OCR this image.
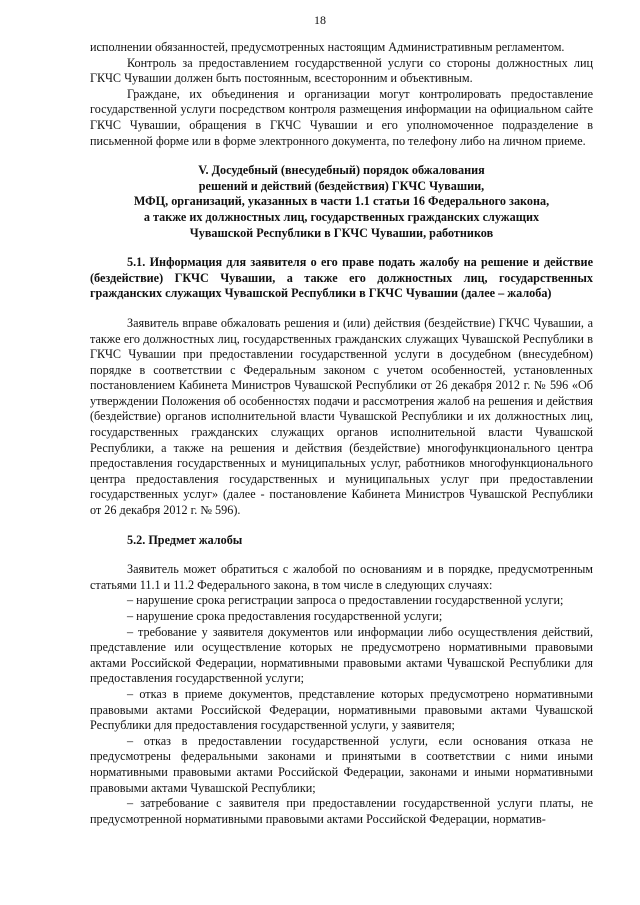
18

исполнении обязанностей, предусмотренных настоящим Административным регламентом.

Контроль за предоставлением государственной услуги со стороны должностных лиц ГКЧС Чувашии должен быть постоянным, всесторонним и объективным.

Граждане, их объединения и организации могут контролировать предоставление государственной услуги посредством контроля размещения информации на официальном сайте ГКЧС Чувашии, обращения в ГКЧС Чувашии и его уполномоченное подразделение в письменной форме или в форме электронного документа, по телефону либо на личном приеме.

V. Досудебный (внесудебный) порядок обжалования
решений и действий (бездействия) ГКЧС Чувашии,
МФЦ, организаций, указанных в части 1.1 статьи 16 Федерального закона,
а также их должностных лиц, государственных гражданских служащих
Чувашской Республики в ГКЧС Чувашии, работников

5.1. Информация для заявителя о его праве подать жалобу на решение и действие (бездействие) ГКЧС Чувашии, а также его должностных лиц, государственных гражданских служащих Чувашской Республики в ГКЧС Чувашии (далее – жалоба)

Заявитель вправе обжаловать решения и (или) действия (бездействие) ГКЧС Чувашии, а также его должностных лиц, государственных гражданских служащих Чувашской Республики в ГКЧС Чувашии при предоставлении государственной услуги в досудебном (внесудебном) порядке в соответствии с Федеральным законом с учетом особенностей, установленных постановлением Кабинета Министров Чувашской Республики от 26 декабря 2012 г. № 596 «Об утверждении Положения об особенностях подачи и рассмотрения жалоб на решения и действия (бездействие) органов исполнительной власти Чувашской Республики и их должностных лиц, государственных гражданских служащих органов исполнительной власти Чувашской Республики, а также на решения и действия (бездействие) многофункционального центра предоставления государственных и муниципальных услуг, работников многофункционального центра предоставления государственных и муниципальных услуг при предоставлении государственных услуг» (далее - постановление Кабинета Министров Чувашской Республики от 26 декабря 2012 г. № 596).

5.2. Предмет жалобы

Заявитель может обратиться с жалобой по основаниям и в порядке, предусмотренным статьями 11.1 и 11.2 Федерального закона, в том числе в следующих случаях:

– нарушение срока регистрации запроса о предоставлении государственной услуги;

– нарушение срока предоставления государственной услуги;

– требование у заявителя документов или информации либо осуществления действий, представление или осуществление которых не предусмотрено нормативными правовыми актами Российской Федерации, нормативными правовыми актами Чувашской Республики для предоставления государственной услуги;

– отказ в приеме документов, представление которых предусмотрено нормативными правовыми актами Российской Федерации, нормативными правовыми актами Чувашской Республики для предоставления государственной услуги, у заявителя;

– отказ в предоставлении государственной услуги, если основания отказа не предусмотрены федеральными законами и принятыми в соответствии с ними иными нормативными правовыми актами Российской Федерации, законами и иными нормативными правовыми актами Чувашской Республики;

– затребование с заявителя при предоставлении государственной услуги платы, не предусмотренной нормативными правовыми актами Российской Федерации, норматив-
